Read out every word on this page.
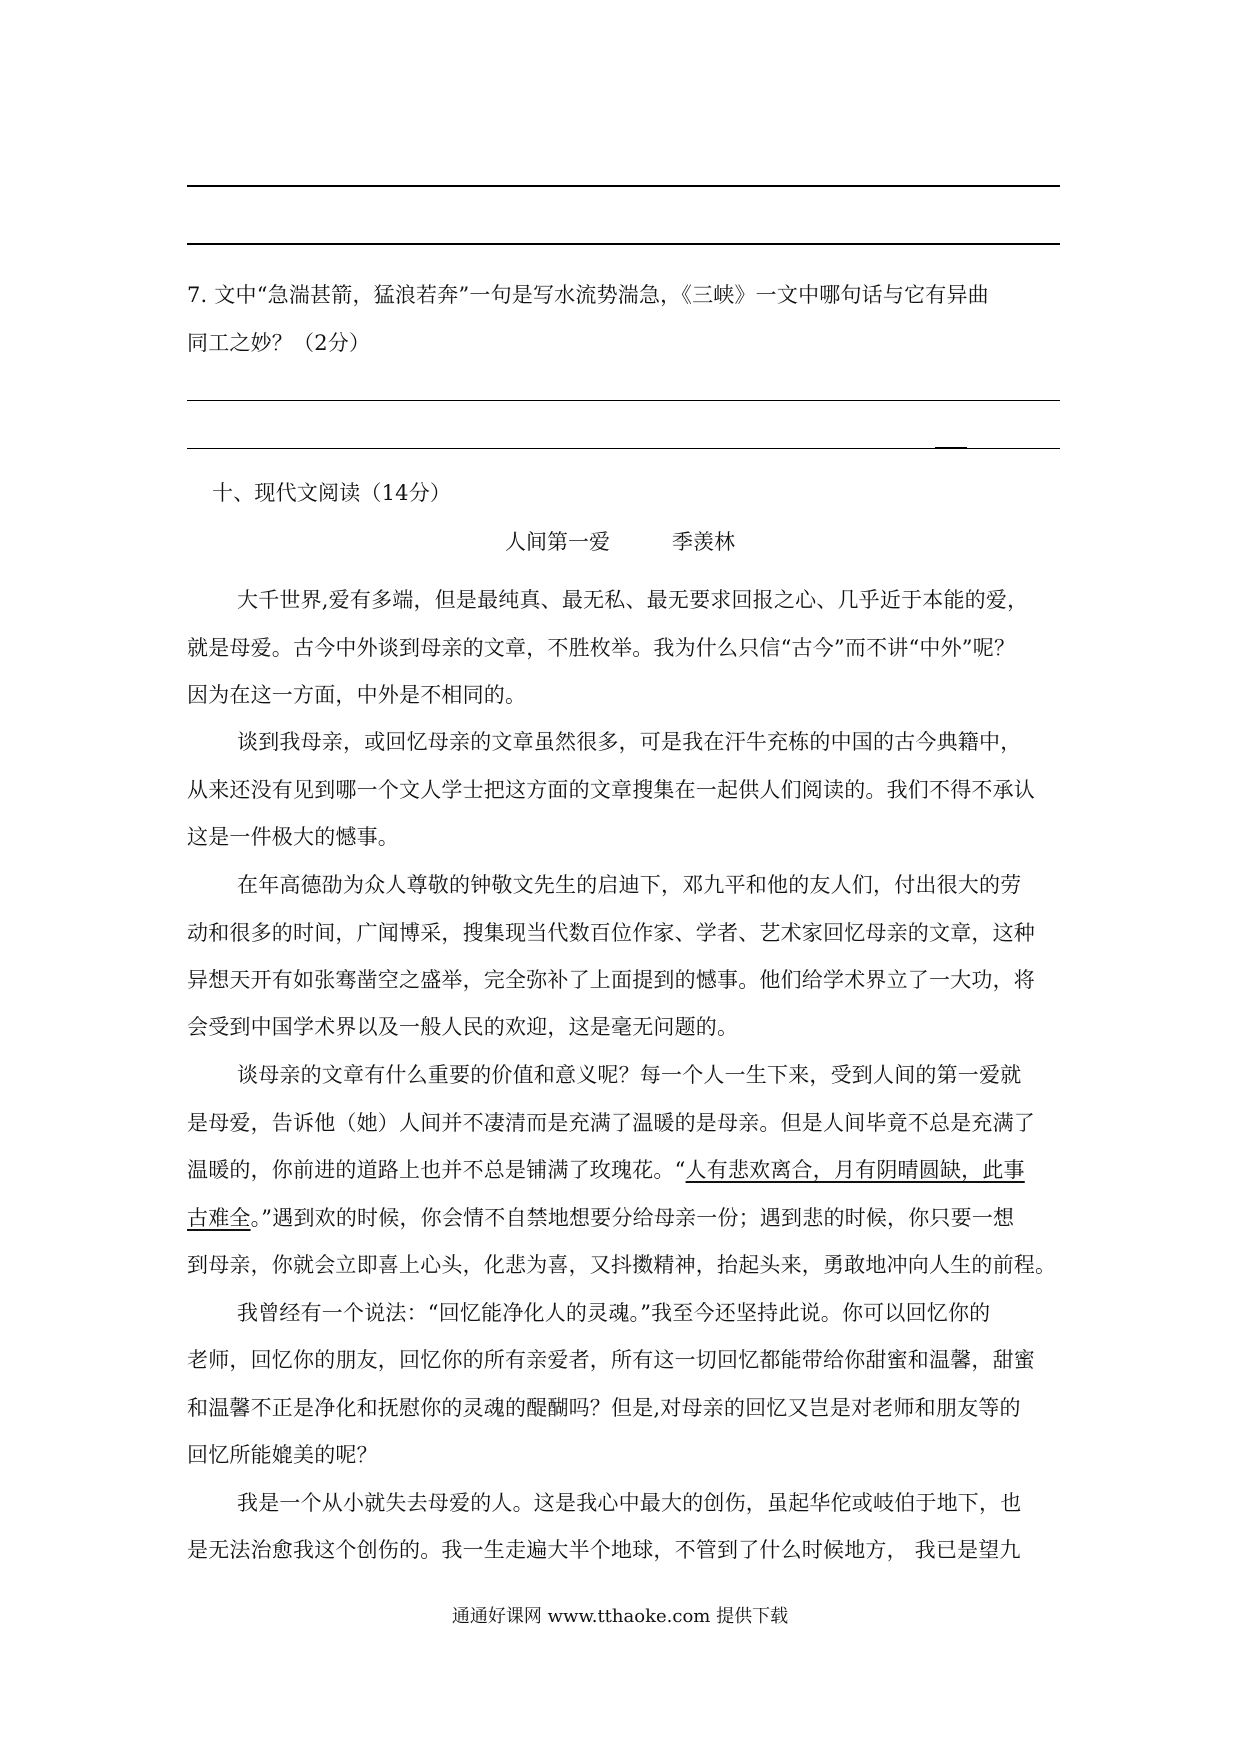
7. 文中“急湍甚箭，猛浪若奔”一句是写水流势湍急，《三峡》一文中哪句话与它有异曲
同工之妙？（2分）
十、现代文阅读（14分）
人间第一爱	季羡林
大千世界,爱有多端，但是最纯真、最无私、最无要求回报之心、几乎近于本能的爱，
就是母爱。古今中外谈到母亲的文章，不胜枚举。我为什么只信“古今”而不讲“中外”呢？
因为在这一方面，中外是不相同的。
谈到我母亲，或回忆母亲的文章虽然很多，可是我在汗牛充栋的中国的古今典籍中，
从来还没有见到哪一个文人学士把这方面的文章搜集在一起供人们阅读的。我们不得不承认
这是一件极大的憾事。
在年高德劭为众人尊敬的钟敬文先生的启迪下，邓九平和他的友人们，付出很大的劳
动和很多的时间，广闻博采，搜集现当代数百位作家、学者、艺术家回忆母亲的文章，这种
异想天开有如张骞凿空之盛举，完全弥补了上面提到的憾事。他们给学术界立了一大功，将
会受到中国学术界以及一般人民的欢迎，这是毫无问题的。
谈母亲的文章有什么重要的价值和意义呢？每一个人一生下来，受到人间的第一爱就
是母爱，告诉他（她）人间并不凄清而是充满了温暖的是母亲。但是人间毕竟不总是充满了
温暖的，你前进的道路上也并不总是铺满了玫瑰花。“人有悲欢离合，月有阴晴圆缺，此事
古难全。”遇到欢的时候，你会情不自禁地想要分给母亲一份；遇到悲的时候，你只要一想
到母亲，你就会立即喜上心头，化悲为喜，又抖擞精神，抬起头来，勇敢地冲向人生的前程。
我曾经有一个说法：“回忆能净化人的灵魂。”我至今还坚持此说。你可以回忆你的
老师，回忆你的朋友，回忆你的所有亲爱者，所有这一切回忆都能带给你甜蜜和温馨，甜蜜
和温馨不正是净化和抚慰你的灵魂的醍醐吗？但是,对母亲的回忆又岂是对老师和朋友等的
回忆所能媲美的呢？
我是一个从小就失去母爱的人。这是我心中最大的创伤，虽起华佗或岐伯于地下，也
是无法治愈我这个创伤的。我一生走遍大半个地球，不管到了什么时候地方， 我已是望九
通通好课网 www.tthaoke.com 提供下载
